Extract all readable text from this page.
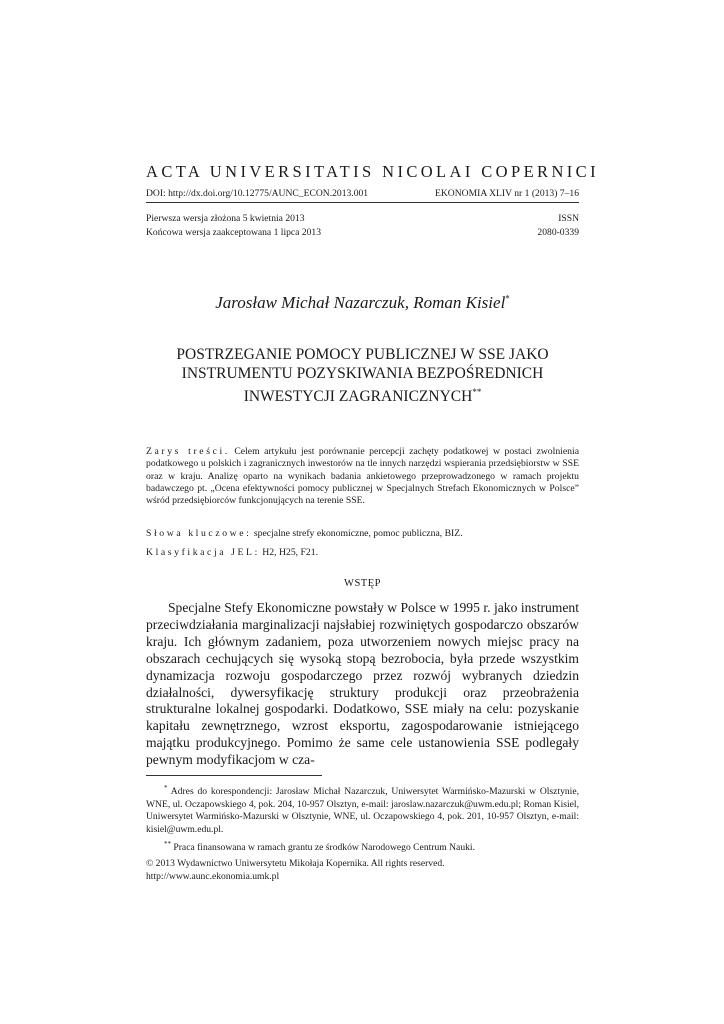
ACTA UNIVERSITATIS NICOLAI COPERNICI
DOI: http://dx.doi.org/10.12775/AUNC_ECON.2013.001	EKONOMIA XLIV nr 1 (2013) 7–16
Pierwsza wersja złożona 5 kwietnia 2013	ISSN
Końcowa wersja zaakceptowana 1 lipca 2013	2080-0339
Jarosław Michał Nazarczuk, Roman Kisiel*
POSTRZEGANIE POMOCY PUBLICZNEJ W SSE JAKO
INSTRUMENTU POZYSKIWANIA BEZPOŚREDNICH
INWESTYCJI ZAGRANICZNYCH**
Zarys treści. Celem artykułu jest porównanie percepcji zachęty podatkowej w postaci zwolnienia podatkowego u polskich i zagranicznych inwestorów na tle innych narzędzi wspierania przedsiębiorstw w SSE oraz w kraju. Analizę oparto na wynikach badania ankietowego przeprowadzonego w ramach projektu badawczego pt. „Ocena efektywności pomocy publicznej w Specjalnych Strefach Ekonomicznych w Polsce” wśród przedsiębiorców funkcjonujących na terenie SSE.
Słowa kluczowe: specjalne strefy ekonomiczne, pomoc publiczna, BIZ.
Klasyfikacja JEL: H2, H25, F21.
WSTĘP
Specjalne Stefy Ekonomiczne powstały w Polsce w 1995 r. jako instrument przeciwdziałania marginalizacji najsłabiej rozwiniętych gospodarczo obszarów kraju. Ich głównym zadaniem, poza utworzeniem nowych miejsc pracy na obszarach cechujących się wysoką stopą bezrobocia, była przede wszystkim dynamizacja rozwoju gospodarczego przez rozwój wybranych dziedzin działalności, dywersyfikację struktury produkcji oraz przeobrażenia strukturalne lokalnej gospodarki. Dodatkowo, SSE miały na celu: pozyskanie kapitału zewnętrznego, wzrost eksportu, zagospodarowanie istniejącego majątku produkcyjnego. Pomimo że same cele ustanowienia SSE podlegały pewnym modyfikacjom w cza-

* Adres do korespondencji: Jarosław Michał Nazarczuk, Uniwersytet Warmińsko-Mazurski w Olsztynie, WNE, ul. Oczapowskiego 4, pok. 204, 10-957 Olsztyn, e-mail: jaroslaw.nazarczuk@uwm.edu.pl; Roman Kisiel, Uniwersytet Warmińsko-Mazurski w Olsztynie, WNE, ul. Oczapowskiego 4, pok. 201, 10-957 Olsztyn, e-mail: kisiel@uwm.edu.pl.

** Praca finansowana w ramach grantu ze środków Narodowego Centrum Nauki.

© 2013 Wydawnictwo Uniwersytetu Mikołaja Kopernika. All rights reserved.
http://www.aunc.ekonomia.umk.pl
